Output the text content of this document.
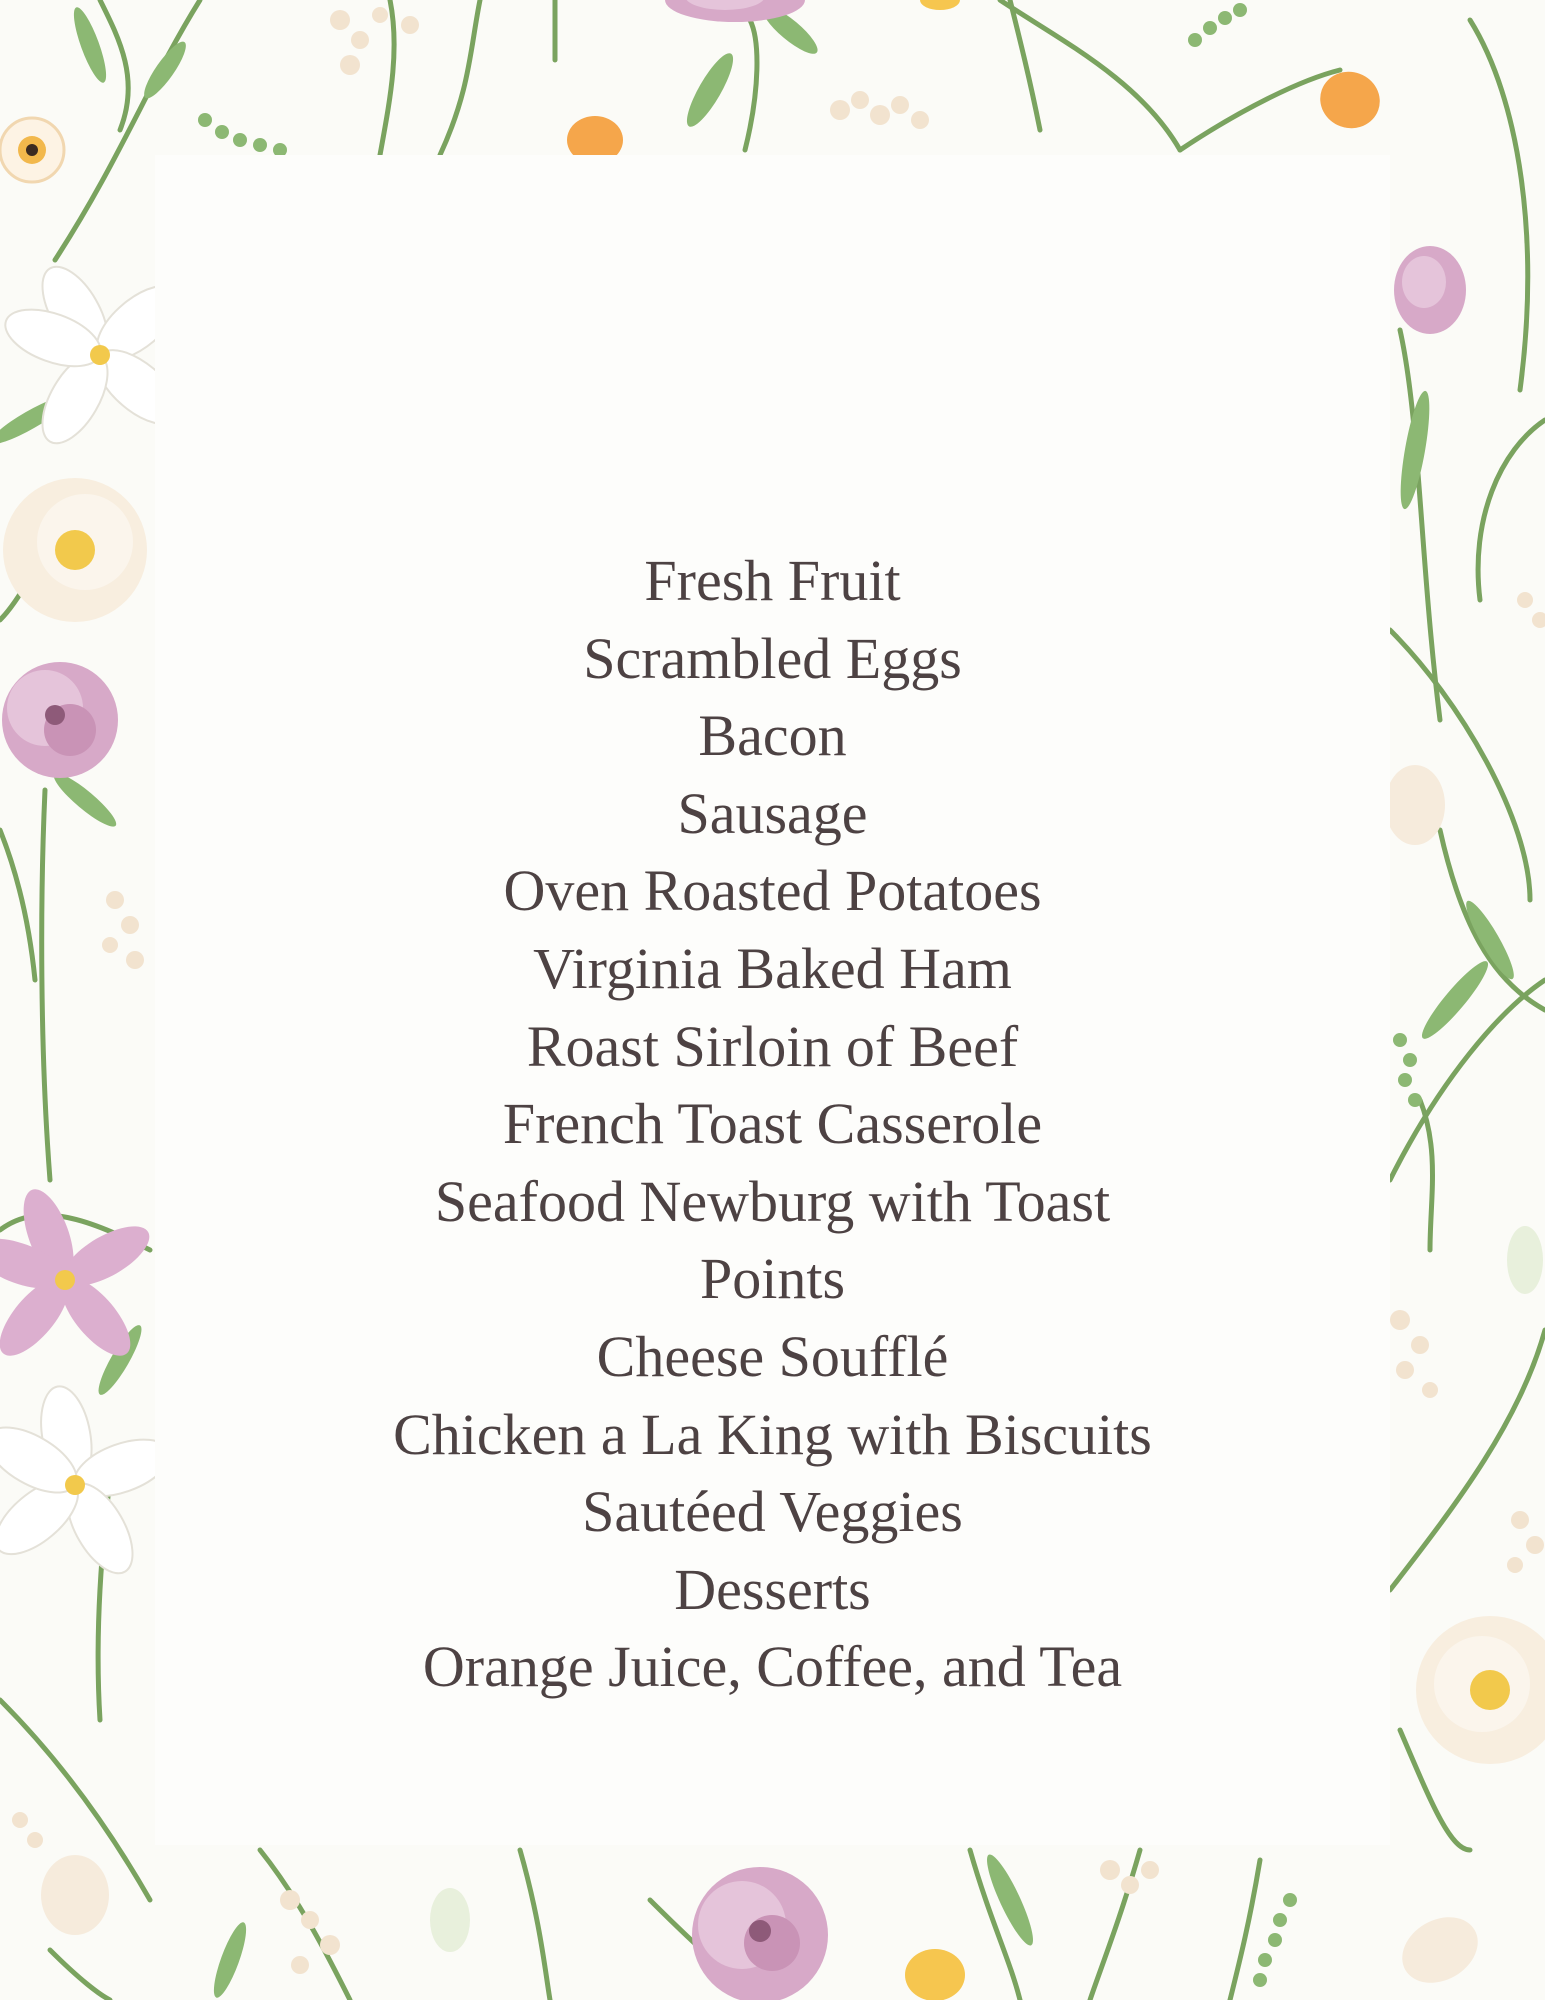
Fresh Fruit
Scrambled Eggs
Bacon
Sausage
Oven Roasted Potatoes
Virginia Baked Ham
Roast Sirloin of Beef
French Toast Casserole
Seafood Newburg with Toast
Points
Cheese Soufflé
Chicken a La King with Biscuits
Sautéed Veggies
Desserts
Orange Juice, Coffee, and Tea
